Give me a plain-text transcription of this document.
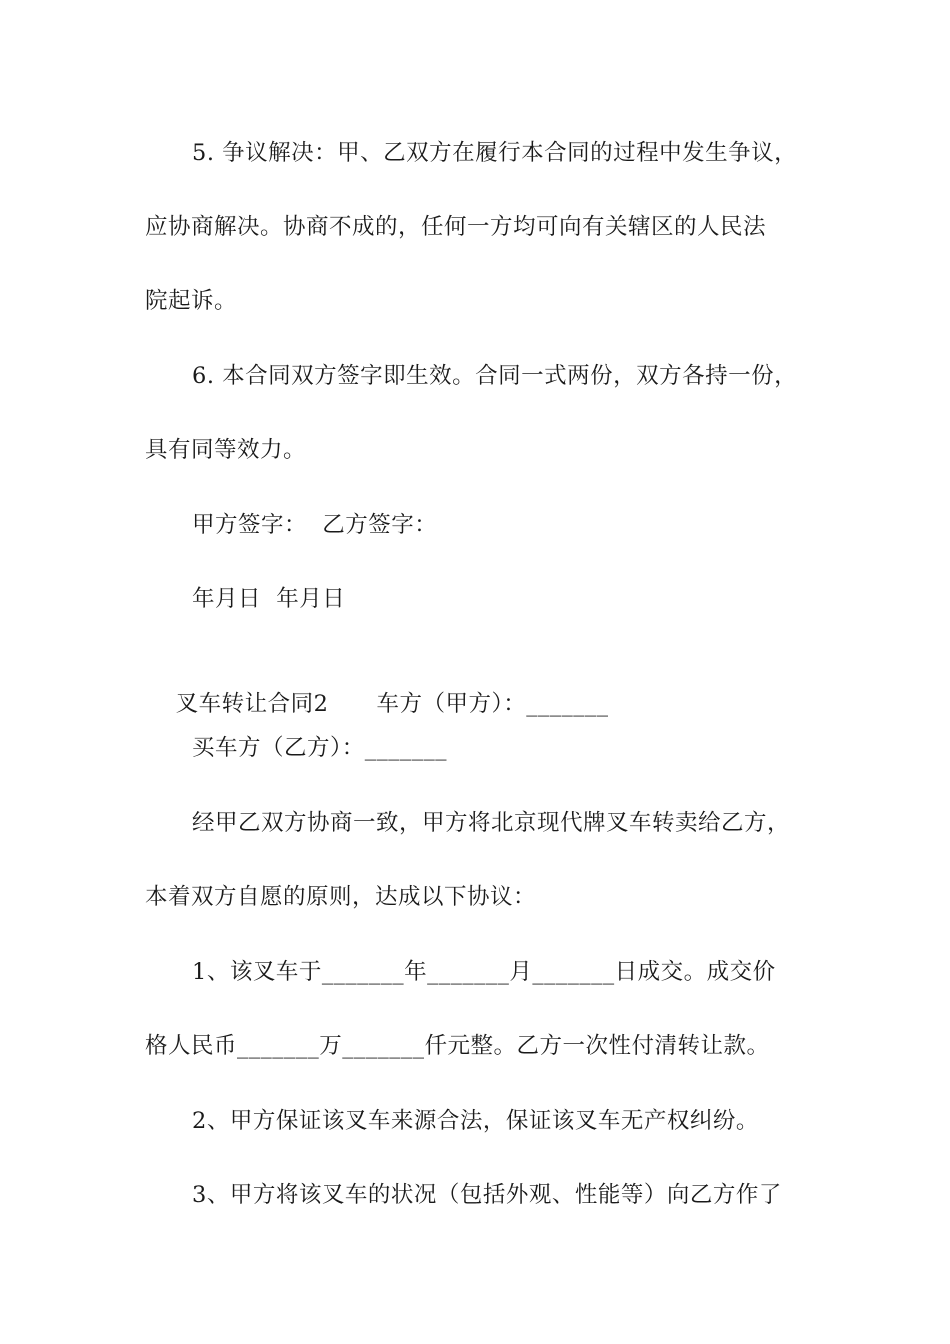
5. 争议解决：甲、乙双方在履行本合同的过程中发生争议，
应协商解决。协商不成的，任何一方均可向有关辖区的人民法
院起诉。
6. 本合同双方签字即生效。合同一式两份，双方各持一份，
具有同等效力。
甲方签字：  乙方签字：
年月日  年月日

叉车转让合同2 车方（甲方）：_______

买车方（乙方）：_______
经甲乙双方协商一致，甲方将北京现代牌叉车转卖给乙方，
本着双方自愿的原则，达成以下协议：
1、该叉车于_______年_______月_______日成交。成交价
格人民币_______万_______仟元整。乙方一次性付清转让款。
2、甲方保证该叉车来源合法，保证该叉车无产权纠纷。
3、甲方将该叉车的状况（包括外观、性能等）向乙方作了
